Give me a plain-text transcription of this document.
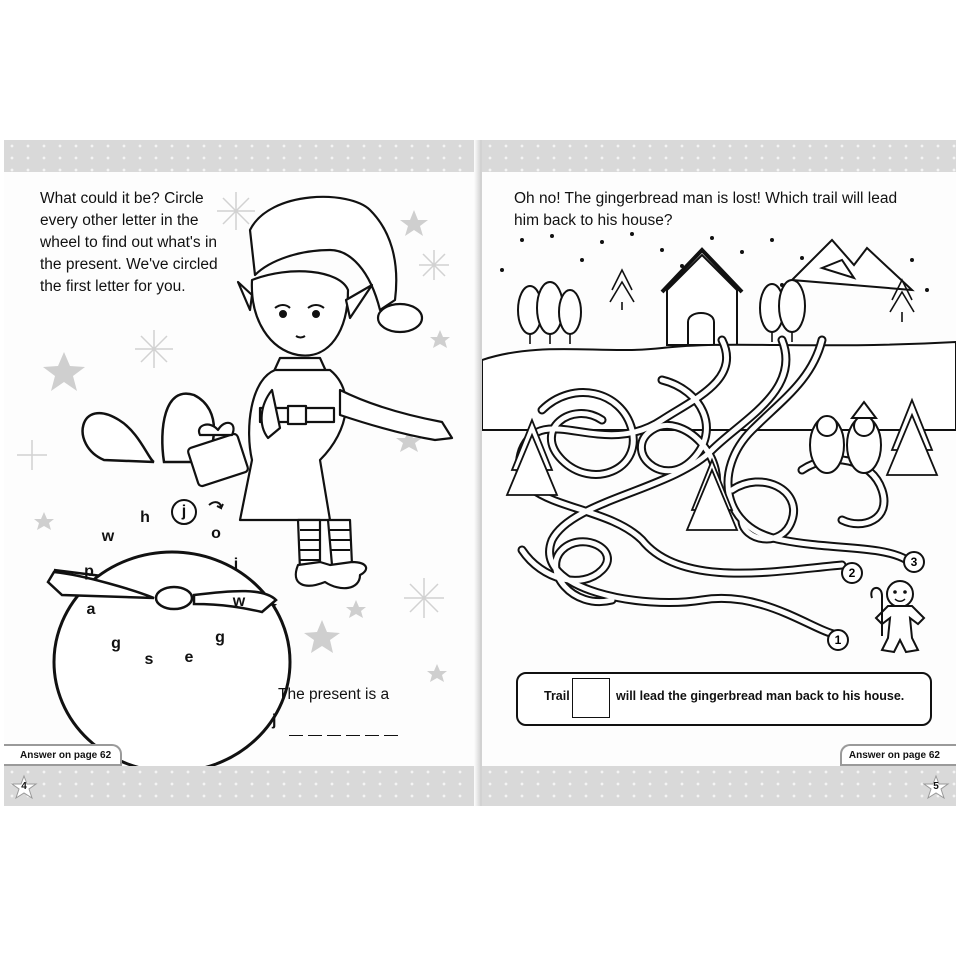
What could it be? Circle every other letter in the wheel to find out what's in the present. We've circled the first letter for you.

j
o
i
w
g
e
s
g
a
p
w
h
The present is a
j
Answer on page 62
4

Oh no! The gingerbread man is lost! Which trail will lead him back to his house?

3
2
1
Trail	will lead the gingerbread man back to his house.
Answer on page 62
5
